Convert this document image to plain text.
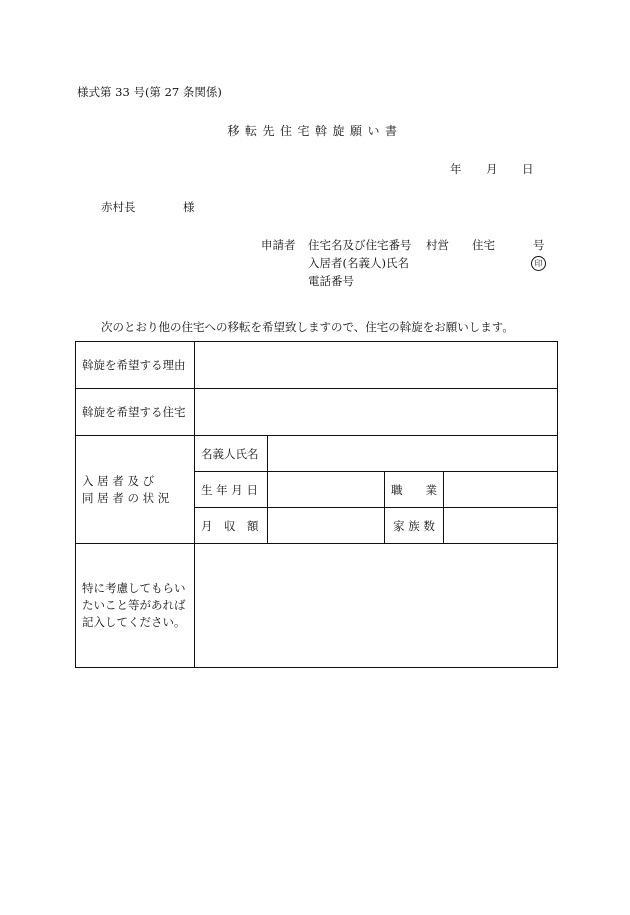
様式第 33 号(第 27 条関係)
移転先住宅斡旋願い書
年 月 日
赤村長	様
申請者 住宅名及び住宅番号 村営 住宅	号
入居者(名義人)氏名	印
電話番号
次のとおり他の住宅への移転を希望致しますので、住宅の斡旋をお願いします。
斡旋を希望する理由				
斡旋を希望する住宅				

入 居 者 及 び
同 居 者 の 状 況	名義人氏名			
	生 年 月 日		職　　業	
	月　収　額		家 族 数	

特に考慮してもらい
たいこと等があれば
記入してください。				
